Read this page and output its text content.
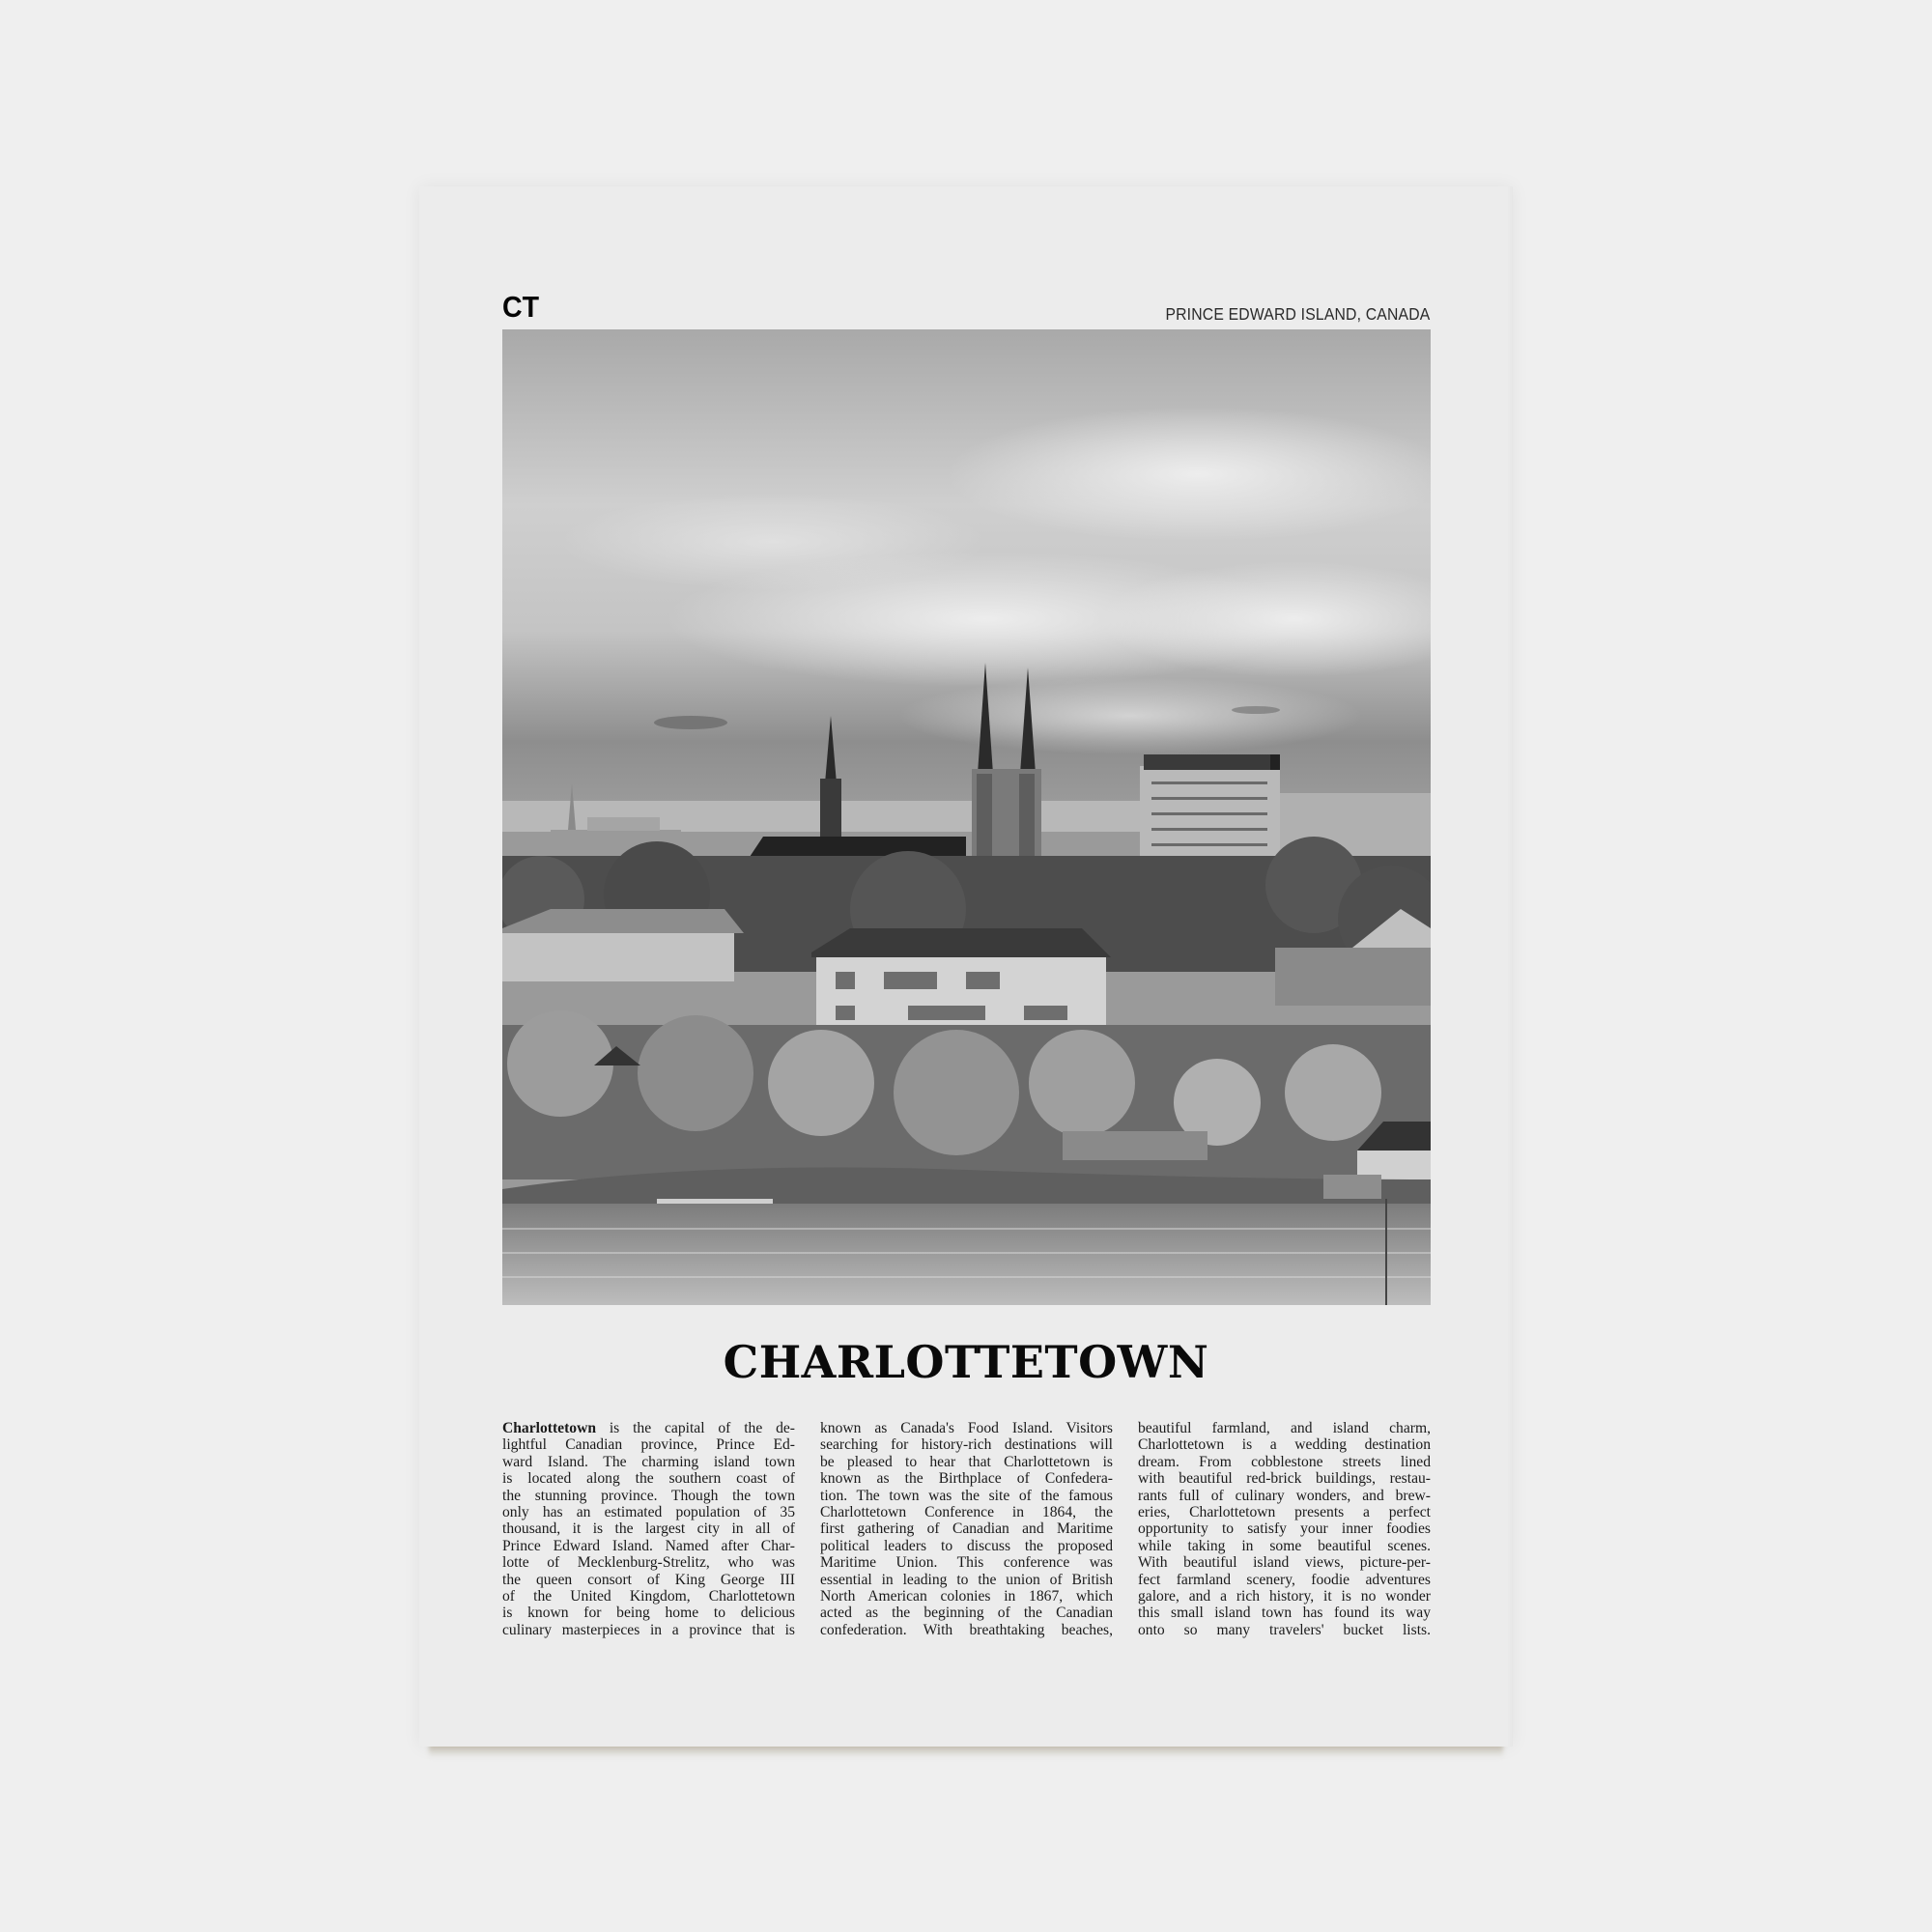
CT	PRINCE EDWARD ISLAND, CANADA
CHARLOTTETOWN
Charlottetown is the capital of the de-
lightful Canadian province, Prince Ed-
ward Island. The charming island town
is located along the southern coast of
the stunning province. Though the town
only has an estimated population of 35
thousand, it is the largest city in all of
Prince Edward Island. Named after Char-
lotte of Mecklenburg-Strelitz, who was
the queen consort of King George III
of the United Kingdom, Charlottetown
is known for being home to delicious
culinary masterpieces in a province that is
known as Canada's Food Island. Visitors
searching for history-rich destinations will
be pleased to hear that Charlottetown is
known as the Birthplace of Confedera-
tion. The town was the site of the famous
Charlottetown Conference in 1864, the
first gathering of Canadian and Maritime
political leaders to discuss the proposed
Maritime Union. This conference was
essential in leading to the union of British
North American colonies in 1867, which
acted as the beginning of the Canadian
confederation. With breathtaking beaches,
beautiful farmland, and island charm,
Charlottetown is a wedding destination
dream. From cobblestone streets lined
with beautiful red-brick buildings, restau-
rants full of culinary wonders, and brew-
eries, Charlottetown presents a perfect
opportunity to satisfy your inner foodies
while taking in some beautiful scenes.
With beautiful island views, picture-per-
fect farmland scenery, foodie adventures
galore, and a rich history, it is no wonder
this small island town has found its way
onto so many travelers' bucket lists.
